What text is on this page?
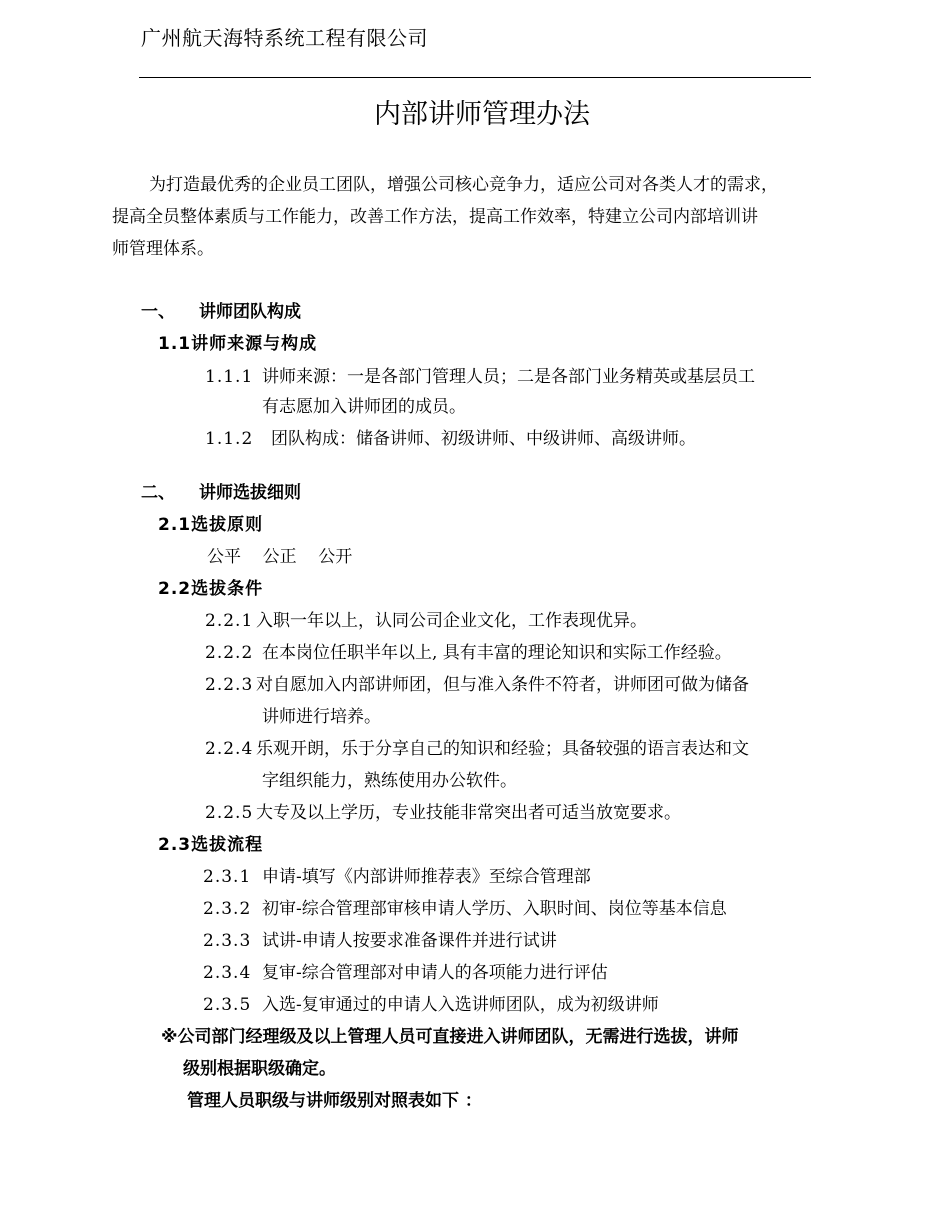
广州航天海特系统工程有限公司
内部讲师管理办法
为打造最优秀的企业员工团队，增强公司核心竞争力，适应公司对各类人才的需求，
提高全员整体素质与工作能力，改善工作方法，提高工作效率，特建立公司内部培训讲
师管理体系。
一、 讲师团队构成
1.1讲师来源与构成
1.1.1 讲师来源：一是各部门管理人员；二是各部门业务精英或基层员工
有志愿加入讲师团的成员。
1.1.2 团队构成：储备讲师、初级讲师、中级讲师、高级讲师。
二、 讲师选拔细则
2.1选拔原则
公平    公正    公开
2.2选拔条件
2.2.1 入职一年以上，认同公司企业文化，工作表现优异。
2.2.2 在本岗位任职半年以上, 具有丰富的理论知识和实际工作经验。
2.2.3 对自愿加入内部讲师团，但与准入条件不符者，讲师团可做为储备
讲师进行培养。
2.2.4 乐观开朗，乐于分享自己的知识和经验；具备较强的语言表达和文
字组织能力，熟练使用办公软件。
2.2.5 大专及以上学历，专业技能非常突出者可适当放宽要求。
2.3选拔流程
2.3.1 申请-填写《内部讲师推荐表》至综合管理部
2.3.2 初审-综合管理部审核申请人学历、入职时间、岗位等基本信息
2.3.3 试讲-申请人按要求准备课件并进行试讲
2.3.4 复审-综合管理部对申请人的各项能力进行评估
2.3.5 入选-复审通过的申请人入选讲师团队，成为初级讲师
※公司部门经理级及以上管理人员可直接进入讲师团队，无需进行选拔，讲师
级别根据职级确定。
管理人员职级与讲师级别对照表如下 ：
